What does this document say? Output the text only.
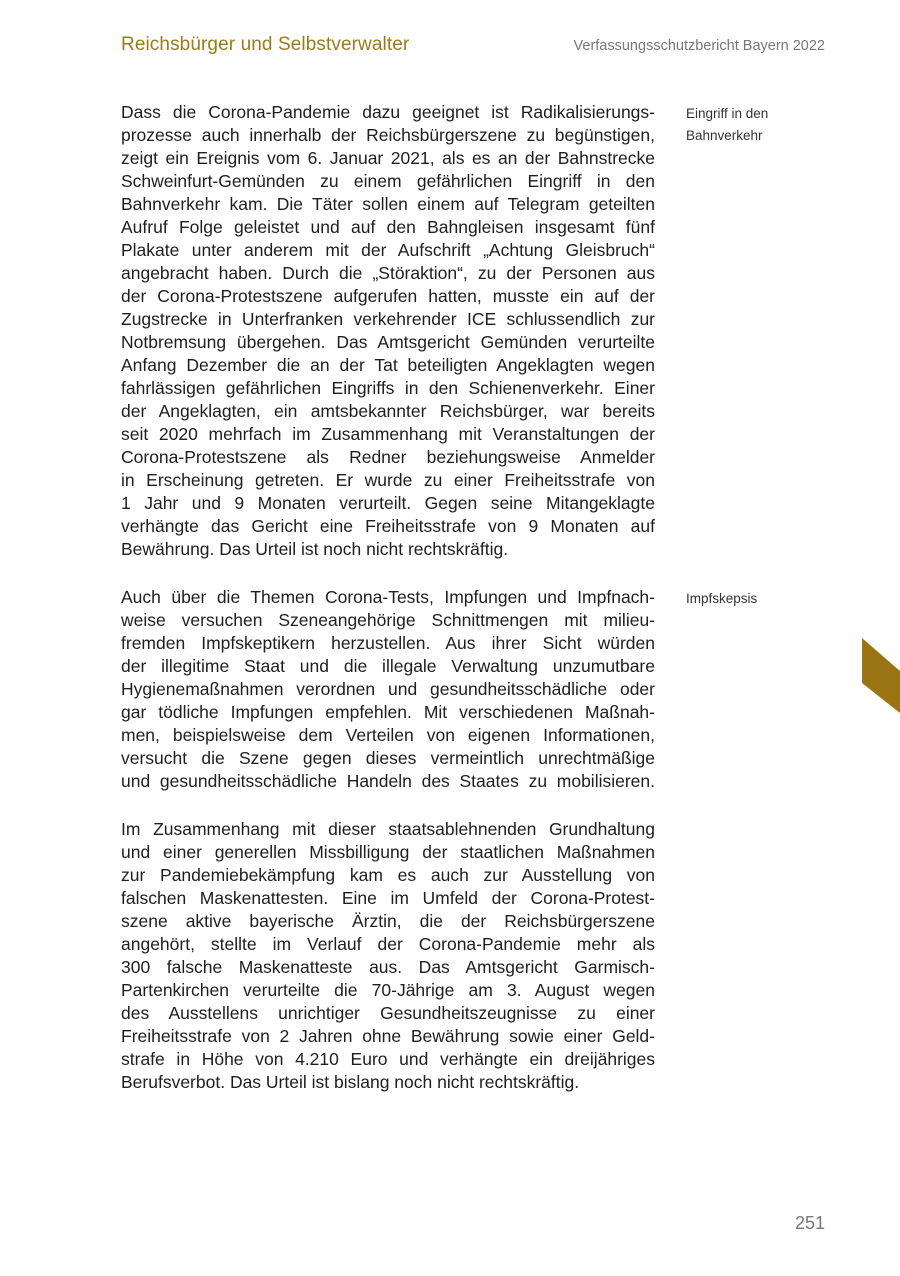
Reichsbürger und Selbstverwalter	Verfassungsschutzbericht Bayern 2022
Dass die Corona-Pandemie dazu geeignet ist Radikalisierungs-
prozesse auch innerhalb der Reichsbürgerszene zu begünstigen,
zeigt ein Ereignis vom 6. Januar 2021, als es an der Bahnstrecke
Schweinfurt-Gemünden zu einem gefährlichen Eingriff in den
Bahnverkehr kam. Die Täter sollen einem auf Telegram geteilten
Aufruf Folge geleistet und auf den Bahngleisen insgesamt fünf
Plakate unter anderem mit der Aufschrift „Achtung Gleisbruch“
angebracht haben. Durch die „Störaktion“, zu der Personen aus
der Corona-Protestszene aufgerufen hatten, musste ein auf der
Zugstrecke in Unterfranken verkehrender ICE schlussendlich zur
Notbremsung übergehen. Das Amtsgericht Gemünden verurteilte
Anfang Dezember die an der Tat beteiligten Angeklagten wegen
fahrlässigen gefährlichen Eingriffs in den Schienenverkehr. Einer
der Angeklagten, ein amtsbekannter Reichsbürger, war bereits
seit 2020 mehrfach im Zusammenhang mit Veranstaltungen der
Corona-Protestszene als Redner beziehungsweise Anmelder
in Erscheinung getreten. Er wurde zu einer Freiheitsstrafe von
1 Jahr und 9 Monaten verurteilt. Gegen seine Mitangeklagte
verhängte das Gericht eine Freiheitsstrafe von 9 Monaten auf
Bewährung. Das Urteil ist noch nicht rechtskräftig.
Auch über die Themen Corona-Tests, Impfungen und Impfnach-
weise versuchen Szeneangehörige Schnittmengen mit milieu-
fremden Impfskeptikern herzustellen. Aus ihrer Sicht würden
der illegitime Staat und die illegale Verwaltung unzumutbare
Hygienemaßnahmen verordnen und gesundheitsschädliche oder
gar tödliche Impfungen empfehlen. Mit verschiedenen Maßnah-
men, beispielsweise dem Verteilen von eigenen Informationen,
versucht die Szene gegen dieses vermeintlich unrechtmäßige
und gesundheitsschädliche Handeln des Staates zu mobilisieren.
Im Zusammenhang mit dieser staatsablehnenden Grundhaltung
und einer generellen Missbilligung der staatlichen Maßnahmen
zur Pandemiebekämpfung kam es auch zur Ausstellung von
falschen Maskenattesten. Eine im Umfeld der Corona-Protest-
szene aktive bayerische Ärztin, die der Reichsbürgerszene
angehört, stellte im Verlauf der Corona-Pandemie mehr als
300 falsche Maskenatteste aus. Das Amtsgericht Garmisch-
Partenkirchen verurteilte die 70-Jährige am 3. August wegen
des Ausstellens unrichtiger Gesundheitszeugnisse zu einer
Freiheitsstrafe von 2 Jahren ohne Bewährung sowie einer Geld-
strafe in Höhe von 4.210 Euro und verhängte ein dreijähriges
Berufsverbot. Das Urteil ist bislang noch nicht rechtskräftig.
Eingriff in den
Bahnverkehr
Impfskepsis
251
